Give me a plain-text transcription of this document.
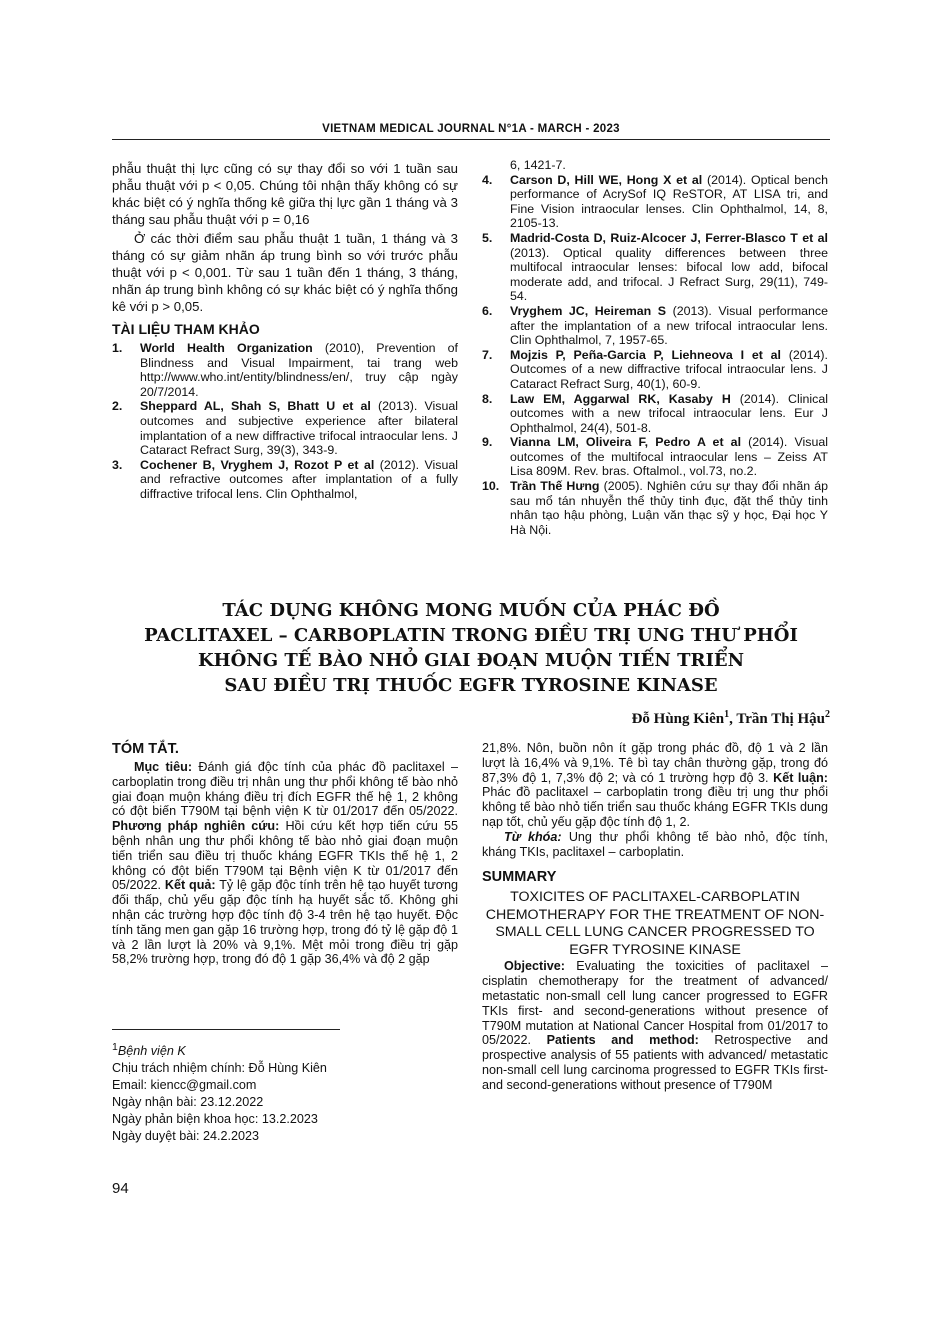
VIETNAM MEDICAL JOURNAL N°1A - MARCH - 2023

phẫu thuật thị lực cũng có sự thay đổi so với 1 tuần sau phẫu thuật với p < 0,05. Chúng tôi nhận thấy không có sự khác biệt có ý nghĩa thống kê giữa thị lực gần 1 tháng và 3 tháng sau phẫu thuật với p = 0,16

Ở các thời điểm sau phẫu thuật 1 tuần, 1 tháng và 3 tháng có sự giảm nhãn áp trung bình so với trước phẫu thuật với p < 0,001. Từ sau 1 tuần đến 1 tháng, 3 tháng, nhãn áp trung bình không có sự khác biệt có ý nghĩa thống kê với p > 0,05.

TÀI LIỆU THAM KHẢO
1.	World Health Organization (2010), Prevention of Blindness and Visual Impairment, tai trang web http://www.who.int/entity/blindness/en/, truy cập ngày 20/7/2014.
2.	Sheppard AL, Shah S, Bhatt U et al (2013). Visual outcomes and subjective experience after bilateral implantation of a new diffractive trifocal intraocular lens. J Cataract Refract Surg, 39(3), 343-9.
3.	Cochener B, Vryghem J, Rozot P et al (2012). Visual and refractive outcomes after implantation of a fully diffractive trifocal lens. Clin Ophthalmol,
6, 1421-7.
4.	Carson D, Hill WE, Hong X et al (2014). Optical bench performance of AcrySof IQ ReSTOR, AT LISA tri, and Fine Vision intraocular lenses. Clin Ophthalmol, 14, 8, 2105-13.
5.	Madrid-Costa D, Ruiz-Alcocer J, Ferrer-Blasco T et al (2013). Optical quality differences between three multifocal intraocular lenses: bifocal low add, bifocal moderate add, and trifocal. J Refract Surg, 29(11), 749-54.
6.	Vryghem JC, Heireman S (2013). Visual performance after the implantation of a new trifocal intraocular lens. Clin Ophthalmol, 7, 1957-65.
7.	Mojzis P, Peña-Garcia P, Liehneova I et al (2014). Outcomes of a new diffractive trifocal intraocular lens. J Cataract Refract Surg, 40(1), 60-9.
8.	Law EM, Aggarwal RK, Kasaby H (2014). Clinical outcomes with a new trifocal intraocular lens. Eur J Ophthalmol, 24(4), 501-8.
9.	Vianna LM, Oliveira F, Pedro A et al (2014). Visual outcomes of the multifocal intraocular lens – Zeiss AT Lisa 809M. Rev. bras. Oftalmol., vol.73, no.2.
10. Trần Thế Hưng (2005). Nghiên cứu sự thay đổi nhãn áp sau mổ tán nhuyễn thể thủy tinh đục, đặt thể thủy tinh nhân tạo hậu phòng, Luận văn thạc sỹ y học, Đại học Y Hà Nội.
TÁC DỤNG KHÔNG MONG MUỐN CỦA PHÁC ĐỒ
PACLITAXEL – CARBOPLATIN TRONG ĐIỀU TRỊ UNG THƯ PHỔI
KHÔNG TẾ BÀO NHỎ GIAI ĐOẠN MUỘN TIẾN TRIỂN
SAU ĐIỀU TRỊ THUỐC EGFR TYROSINE KINASE
Đỗ Hùng Kiên$^1$, Trần Thị Hậu$^2$
TÓM TẮT.

Mục tiêu: Đánh giá độc tính của phác đồ paclitaxel – carboplatin trong điều trị nhân ung thư phổi không tế bào nhỏ giai đoạn muộn kháng điều trị đích EGFR thế hệ 1, 2 không có đột biến T790M tại bệnh viện K từ 01/2017 đến 05/2022. Phương pháp nghiên cứu: Hồi cứu kết hợp tiến cứu 55 bệnh nhân ung thư phổi không tế bào nhỏ giai đoạn muộn tiến triển sau điều trị thuốc kháng EGFR TKIs thế hệ 1, 2 không có đột biến T790M tại Bệnh viện K từ 01/2017 đến 05/2022. Kết quả: Tỷ lệ gặp độc tính trên hệ tạo huyết tương đối thấp, chủ yếu gặp độc tính hạ huyết sắc tố. Không ghi nhận các trường hợp độc tính độ 3-4 trên hệ tạo huyết. Độc tính tăng men gan gặp 16 trường hợp, trong đó tỷ lệ gặp độ 1 và 2 lần lượt là 20% và 9,1%. Mệt mỏi trong điều trị gặp 58,2% trường hợp, trong đó độ 1 gặp 36,4% và độ 2 gặp

$^1$Bệnh viện K
Chịu trách nhiệm chính: Đỗ Hùng Kiên
Email: kiencc@gmail.com
Ngày nhận bài: 23.12.2022
Ngày phản biện khoa học: 13.2.2023
Ngày duyệt bài: 24.2.2023

21,8%. Nôn, buồn nôn ít gặp trong phác đồ, độ 1 và 2 lần lượt là 16,4% và 9,1%. Tê bì tay chân thường gặp, trong đó 87,3% độ 1, 7,3% độ 2; và có 1 trường hợp độ 3. Kết luận: Phác đồ paclitaxel – carboplatin trong điều trị ung thư phổi không tế bào nhỏ tiến triển sau thuốc kháng EGFR TKIs dung nạp tốt, chủ yếu gặp độc tính độ 1, 2.

Từ khóa: Ung thư phổi không tế bào nhỏ, độc tính, kháng TKIs, paclitaxel – carboplatin.

SUMMARY
TOXICITES OF PACLITAXEL-CARBOPLATIN CHEMOTHERAPY FOR THE TREATMENT OF NON-SMALL CELL LUNG CANCER PROGRESSED TO EGFR TYROSINE KINASE

Objective: Evaluating the toxicities of paclitaxel – cisplatin chemotherapy for the treatment of advanced/ metastatic non-small cell lung cancer progressed to EGFR TKIs first- and second-generations without presence of T790M mutation at National Cancer Hospital from 01/2017 to 05/2022. Patients and method: Retrospective and prospective analysis of 55 patients with advanced/ metastatic non-small cell lung carcinoma progressed to EGFR TKIs first- and second-generations without presence of T790M

94
